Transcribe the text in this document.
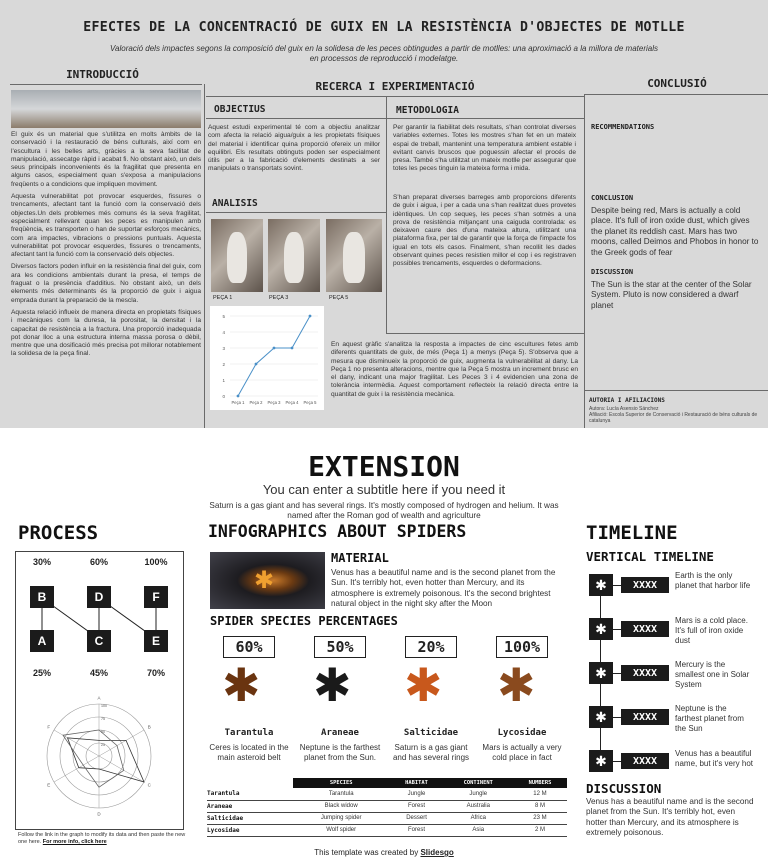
EFECTES DE LA CONCENTRACIÓ DE GUIX EN LA RESISTÈNCIA D'OBJECTES DE MOTLLE
Valoració dels impactes segons la composició del guix en la solidesa de les peces obtingudes a partir de motlles: una aproximació a la millora de materials en processos de reproducció i modelatge.
INTRODUCCIÓ

El guix és un material que s'utilitza en molts àmbits de la conservació i la restauració de béns culturals, així com en l'escultura i les belles arts, gràcies a la seva facilitat de manipulació, assecatge ràpid i acabat fi. No obstant això, un dels seus principals inconvenients és la fragilitat que presenta en alguns casos, especialment quan s'exposa a manipulacions freqüents o a condicions que impliquen moviment.

Aquesta vulnerabilitat pot provocar esquerdes, fissures o trencaments, afectant tant la funció com la conservació dels objectes.Un dels problemes més comuns és la seva fragilitat, especialment rellevant quan les peces es manipulen amb freqüència, es transporten o han de suportar esforços mecànics, com ara impactes, vibracions o pressions puntuals. Aquesta vulnerabilitat pot provocar esquerdes, fissures o trencaments, afectant tant la funció com la conservació dels objectes.

Diversos factors poden influir en la resistència final del guix, com ara les condicions ambientals durant la presa, el temps de fraguat o la presència d'additius. No obstant això, un dels elements més determinants és la proporció de guix i aigua emprada durant la preparació de la mescla.

Aquesta relació influeix de manera directa en propietats físiques i mecàniques com la duresa, la porositat, la densitat i la capacitat de resistència a la fractura. Una proporció inadequada pot donar lloc a una estructura interna massa porosa o dèbil, mentre que una dosificació més precisa pot millorar notablement la solidesa de la peça final.

RECERCA I EXPERIMENTACIÓ
OBJECTIUS

Aquest estudi experimental té com a objectiu analitzar com afecta la relació aigua/guix a les propietats físiques del material i identificar quina proporció ofereix un millor equilibri. Els resultats obtinguts poden ser especialment útils per a la fabricació d'elements destinats a ser manipulats o transportats sovint.

METODOLOGIA

Per garantir la fiabilitat dels resultats, s'han controlat diverses variables externes. Totes les mostres s'han fet en un mateix espai de treball, mantenint una temperatura ambient estable i evitant canvis bruscos que poguessin afectar el procés de presa. També s'ha utilitzat un mateix motlle per assegurar que totes les peces tinguin la mateixa forma i mida.

S'han preparat diverses barreges amb proporcions diferents de guix i aigua, i per a cada una s'han realitzat dues provetes idèntiques. Un cop sequeş, les peces s'han sotmès a una prova de resistència mitjançant una caiguda controlada: es deixaven caure des d'una mateixa altura, utilitzant una plataforma fixa, per tal de garantir que la força de l'impacte fos igual en tots els casos. Finalment, s'han recollit les dades observant quines peces resistien millor el cop i es registraven possibles trencaments, esquerdes o deformacions.

ANALISIS
PEÇA 1	PEÇA 3	PEÇA 5
0
1
2
3
4
5
Peça 1 Peça 2 Peça 3 Peça 4 Peça 5

En aquest gràfic s'analitza la resposta a impactes de cinc escultures fetes amb diferents quantitats de guix, de més (Peça 1) a menys (Peça 5). S'observa que a mesura que disminueix la proporció de guix, augmenta la vulnerabilitat al dany. La Peça 1 no presenta alteracions, mentre que la Peça 5 mostra un increment brusc en el dany, indicant una major fragilitat. Les Peces 3 i 4 evidencien una zona de tolerància intermèdia. Aquest comportament reflecteix la relació directa entre la quantitat de guix i la resistència mecànica.

CONCLUSIÓ
RECOMMENDATIONS
CONCLUSION
Despite being red, Mars is actually a cold place. It's full of iron oxide dust, which gives the planet its reddish cast. Mars has two moons, called Deimos and Phobos in honor to the Greek gods of fear
DISCUSSION
The Sun is the star at the center of the Solar System. Pluto is now considered a dwarf planet
AUTORIA I AFILIACIONS
Autora: Lucía Asensio Sánchez
Afiliació: Escola Superior de Conservació i Restauració de béns culturals de catalunya
EXTENSION
You can enter a subtitle here if you need it
Saturn is a gas giant and has several rings. It's mostly composed of hydrogen and helium. It was named after the Roman god of wealth and agriculture
PROCESS
30%	60%	100%
B	D	F
A	C	E
25%	45%	70%
25
50
75
100
A
B
C
D
E
F
Follow the link in the graph to modify its data and then paste the new one here. For more info, click here
INFOGRAPHICS ABOUT SPIDERS
✱
MATERIAL
Venus has a beautiful name and is the second planet from the Sun. It's terribly hot, even hotter than Mercury, and its atmosphere is extremely poisonous. It's the second brightest natural object in the night sky after the Moon
SPIDER SPECIES PERCENTAGES
60%	50%	20%	100%
✱ ✱ ✱ ✱
Tarantula	Araneae	Salticidae	Lycosidae
Ceres is located in the main asteroid belt
Neptune is the farthest planet from the Sun.
Saturn is a gas giant and has several rings
Mars is actually a very cold place in fact
	SPECIES	HABITAT	CONTINENT	NUMBERS
Tarantula	Tarantula	Jungle	Jungle	12 M
Araneae	Black widow	Forest	Australia	8 M
Salticidae	Jumping spider	Dessert	Africa	23 M
Lycosidae	Wolf spider	Forest	Asia	2 M
TIMELINE
VERTICAL TIMELINE
✱
✱
✱
✱
✱
XXXX
XXXX
XXXX
XXXX
XXXX
Earth is the only planet that harbor life
Mars is a cold place. It's full of iron oxide dust
Mercury is the smallest one in Solar System
Neptune is the farthest planet from the Sun
Venus has a beautiful name, but it's very hot
DISCUSSION
Venus has a beautiful name and is the second planet from the Sun. It's terribly hot, even hotter than Mercury, and its atmosphere is extremely poisonous.
This template was created by Slidesgo
